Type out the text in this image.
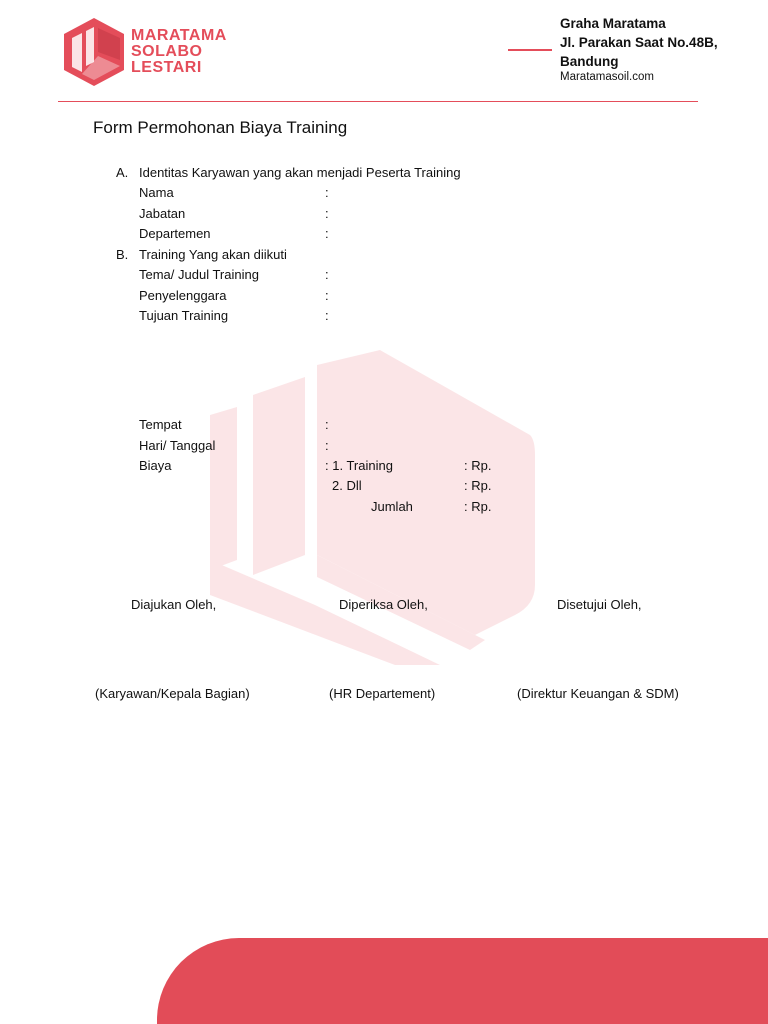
MARATAMA
SOLABO
LESTARI
Graha Maratama
Jl. Parakan Saat No.48B,
Bandung
Maratamasoil.com
Form Permohonan Biaya Training
A. Identitas Karyawan yang akan menjadi Peserta Training
Nama	:
Jabatan	:
Departemen	:
B. Training Yang akan diikuti
Tema/ Judul Training	:
Penyelenggara	:
Tujuan Training	:
Tempat	:
Hari/ Tanggal	:
Biaya	: 1. Training	: Rp.
2. Dll	: Rp.
Jumlah	: Rp.
Diajukan Oleh,	Diperiksa Oleh,	Disetujui Oleh,
(Karyawan/Kepala Bagian)	(HR Departement)	(Direktur Keuangan & SDM)
